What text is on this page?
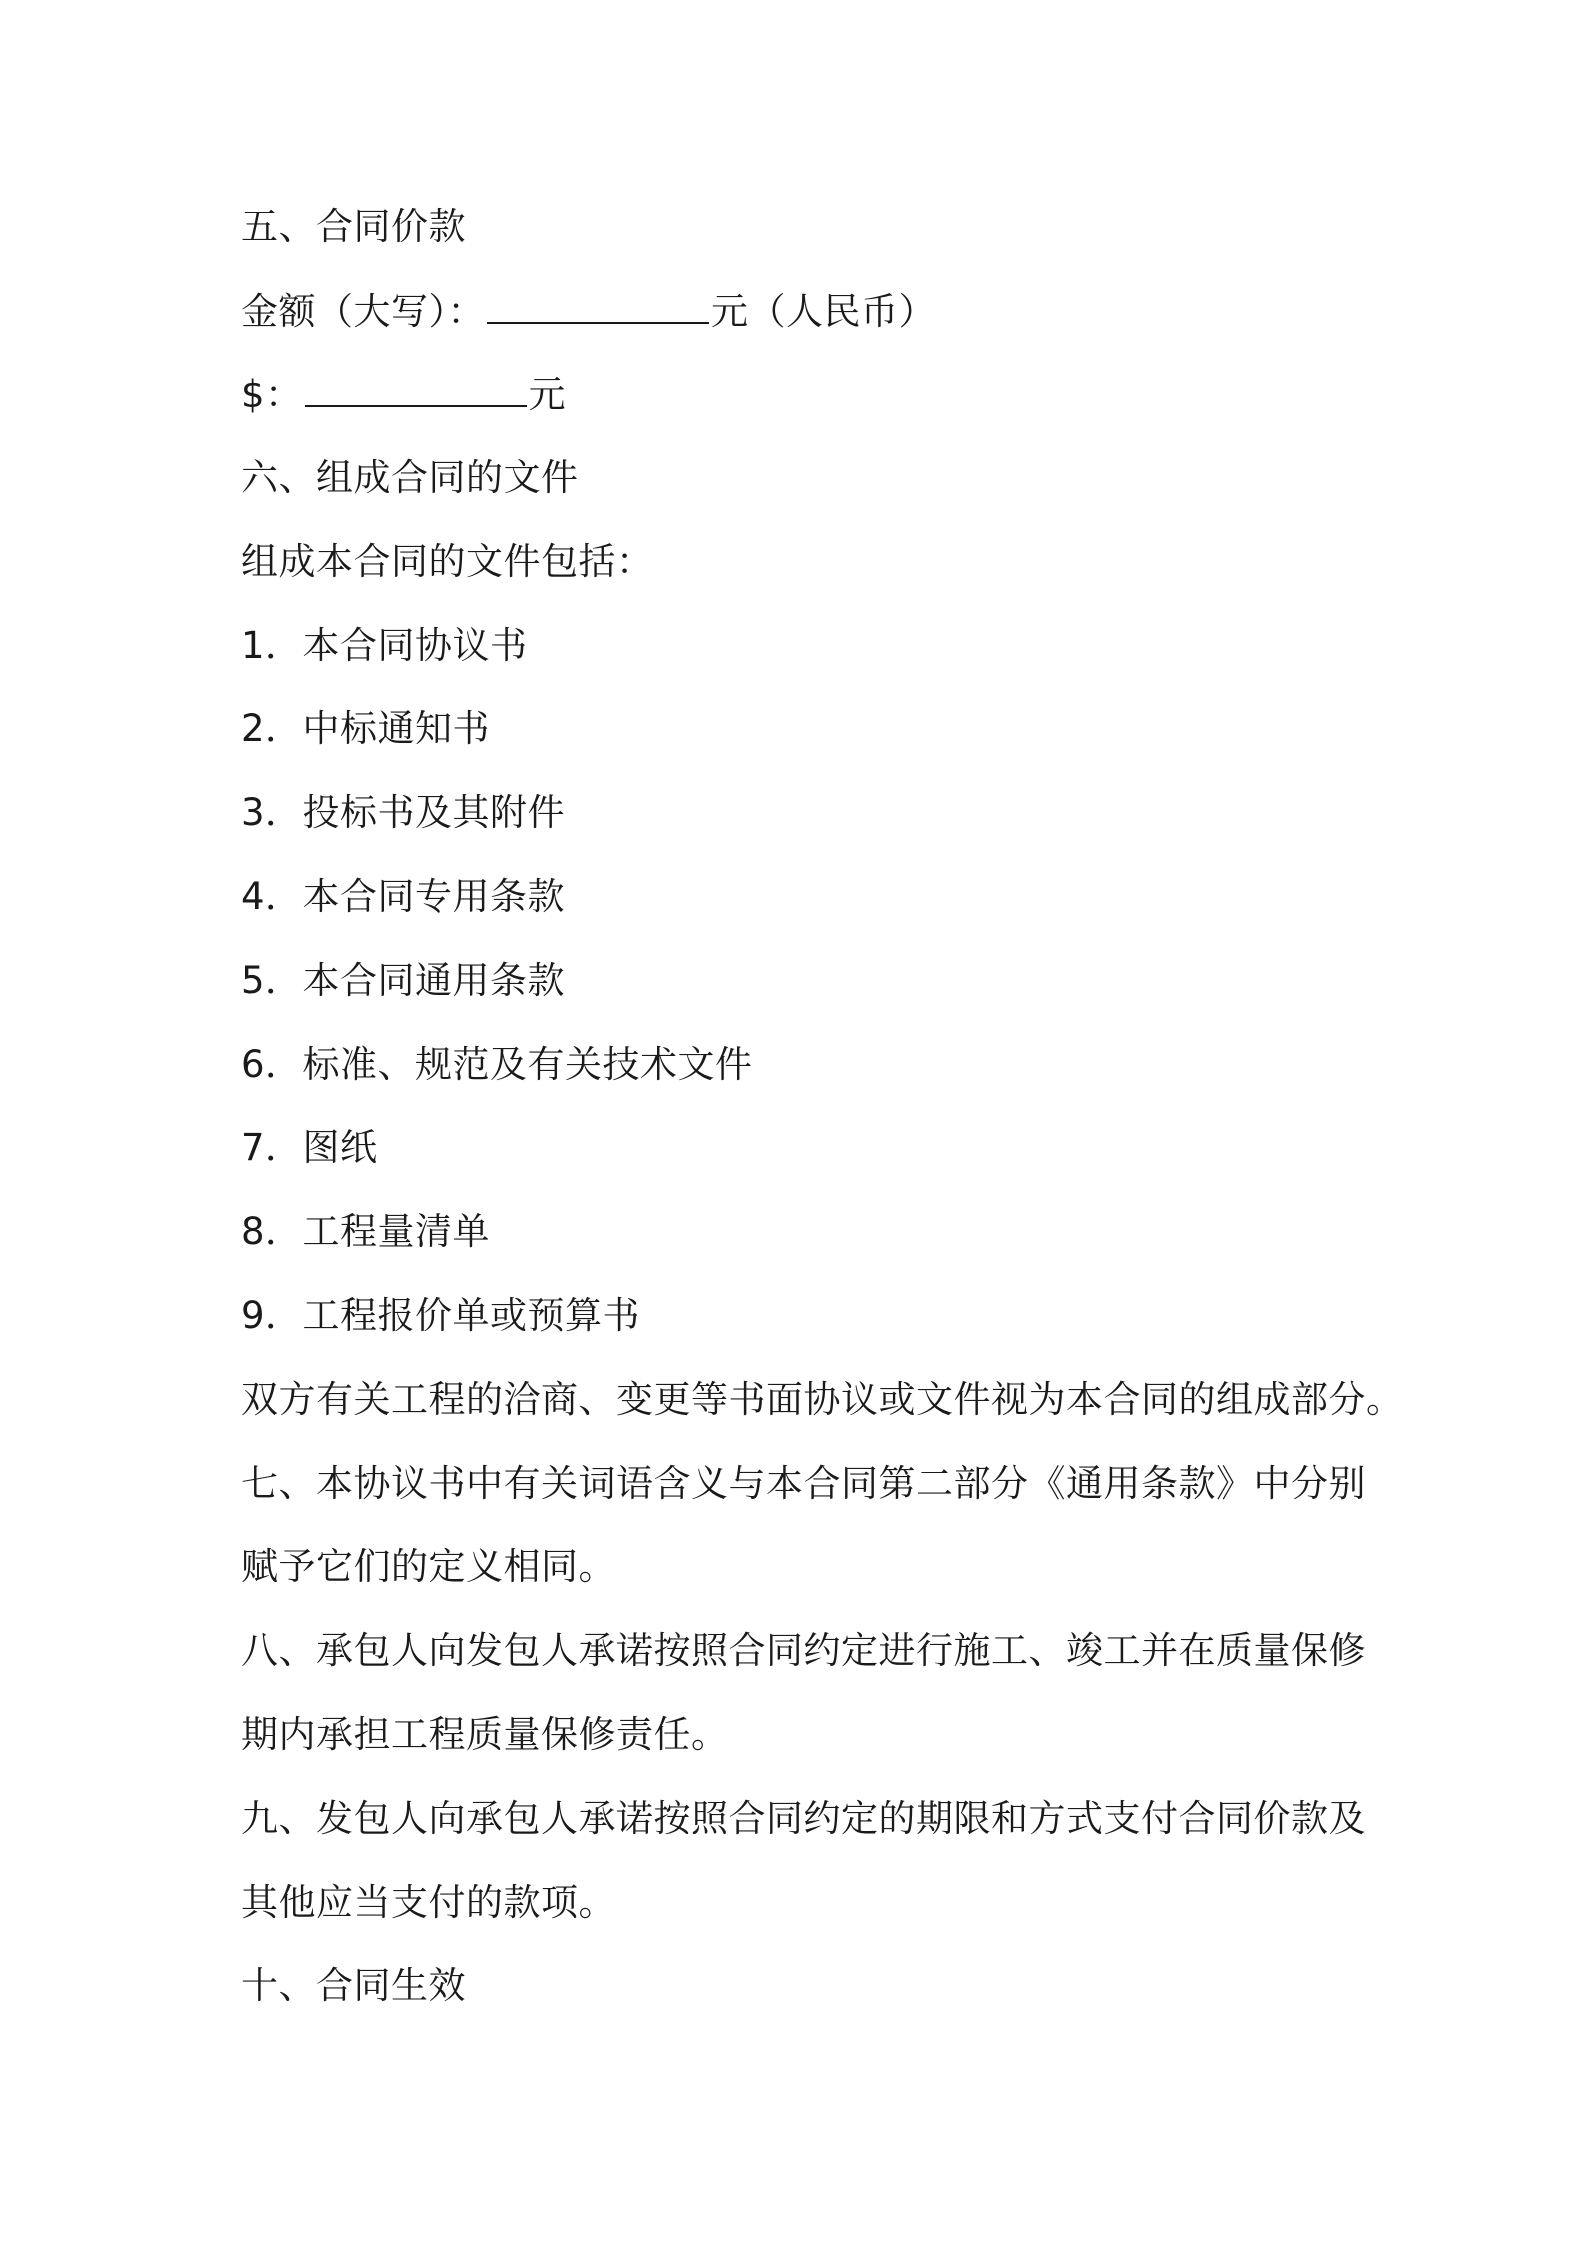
五、合同价款
金额（大写）：	元（人民币）
$：	元
六、组成合同的文件
组成本合同的文件包括：
1．本合同协议书
2．中标通知书
3．投标书及其附件
4．本合同专用条款
5．本合同通用条款
6．标准、规范及有关技术文件
7．图纸
8．工程量清单
9．工程报价单或预算书
双方有关工程的洽商、变更等书面协议或文件视为本合同的组成部分。
七、本协议书中有关词语含义与本合同第二部分《通用条款》中分别
赋予它们的定义相同。
八、承包人向发包人承诺按照合同约定进行施工、竣工并在质量保修
期内承担工程质量保修责任。
九、发包人向承包人承诺按照合同约定的期限和方式支付合同价款及
其他应当支付的款项。
十、合同生效
